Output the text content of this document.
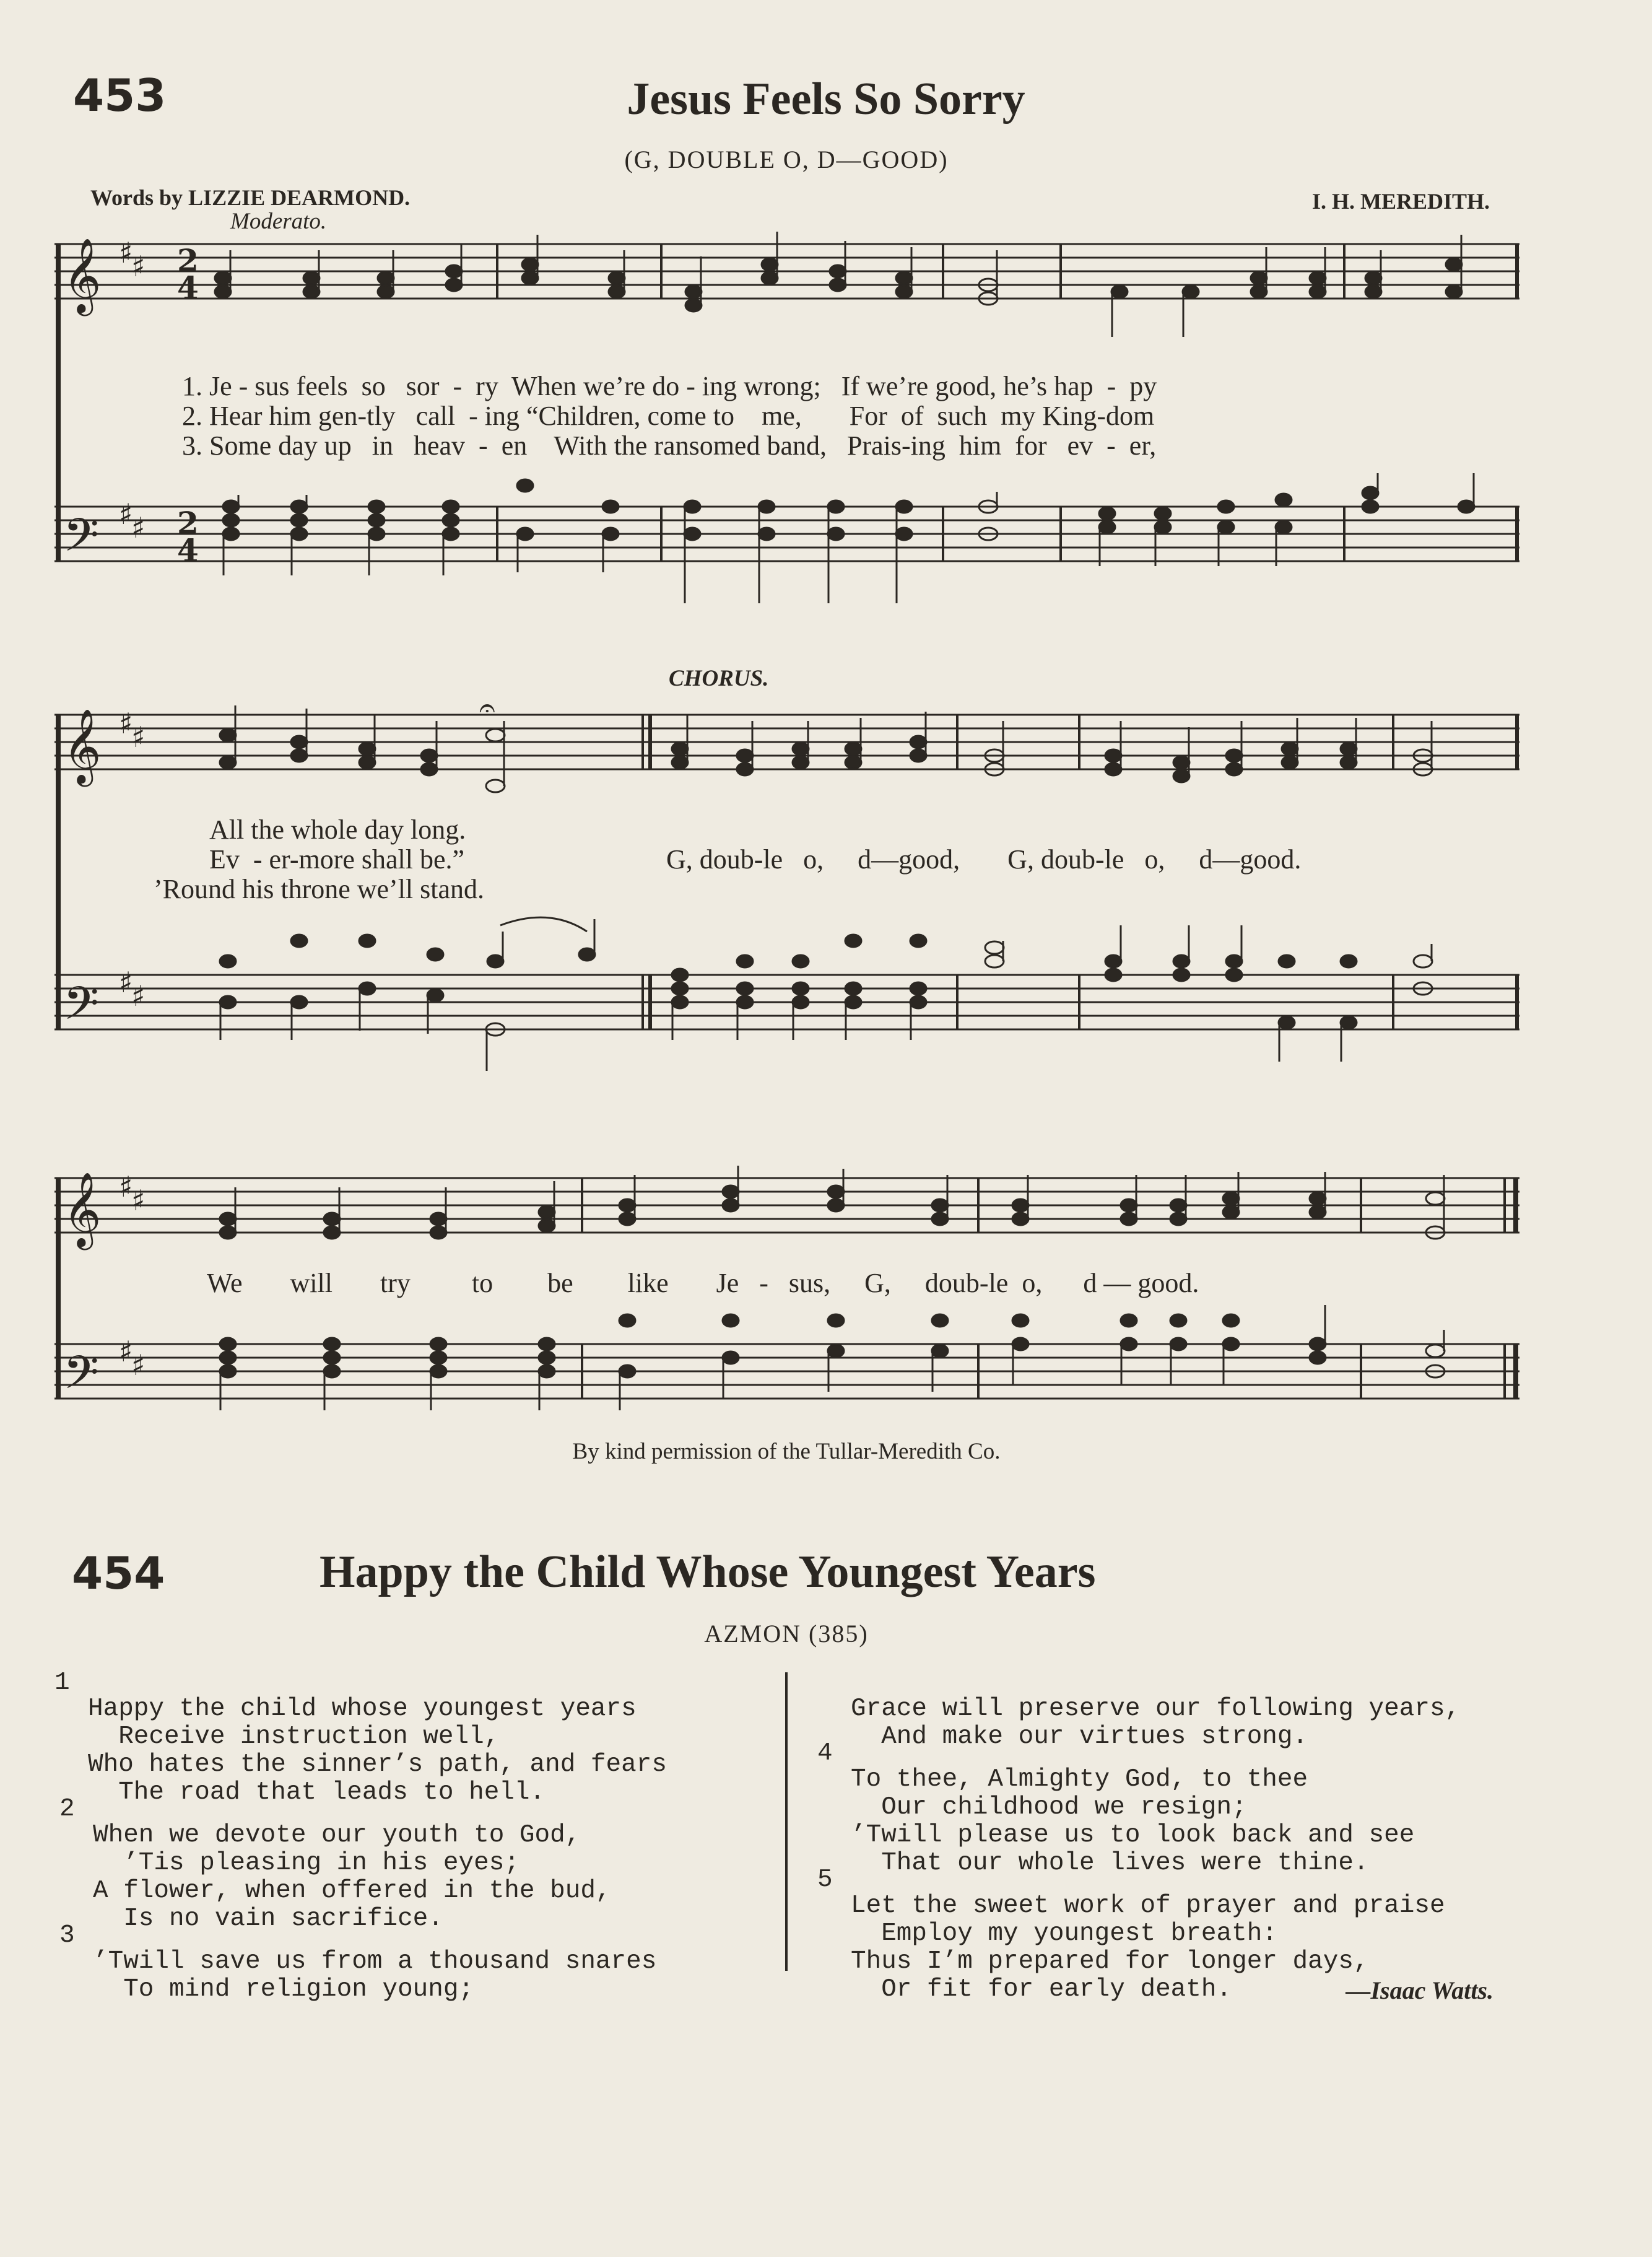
453	Jesus Feels So Sorry
(G, DOUBLE O, D—GOOD)
Words by LIZZIE DEARMOND.	I. H. MEREDITH.
Moderato.
𝄞
𝄢
♯
♯
♯
♯
2
4
2
4
1. Je - sus feels  so   sor  -  ry  When we’re do - ing wrong;   If we’re good, he’s hap  -  py
2. Hear him gen-tly   call  - ing “Children, come to    me,       For  of  such  my King-dom
3. Some day up   in   heav  -  en    With the ransomed band,   Prais-ing  him  for   ev  -  er,
CHORUS.
𝄞
𝄢
♯
♯
♯
♯
𝄐
All the whole day long.
Ev  - er-more shall be.”
’Round his throne we’ll stand.
G, doub-le   o,     d—good,       G, doub-le   o,     d—good.
𝄞
𝄢
♯
♯
♯
♯
We       will       try         to        be        like       Je   -   sus,     G,     doub-le  o,      d — good.
By kind permission of the Tullar-Meredith Co.
454	Happy the Child Whose Youngest Years
AZMON (385)
1

Happy the child whose youngest years
Receive instruction well,
Who hates the sinner’s path, and fears
The road that leads to hell.

2

When we devote our youth to God,
’Tis pleasing in his eyes;
A flower, when offered in the bud,
Is no vain sacrifice.

3

’Twill save us from a thousand snares
To mind religion young;

Grace will preserve our following years,
And make our virtues strong.

4

To thee, Almighty God, to thee
Our childhood we resign;
’Twill please us to look back and see
That our whole lives were thine.

5

Let the sweet work of prayer and praise
Employ my youngest breath:
Thus I’m prepared for longer days,
Or fit for early death.	—Isaac Watts.
